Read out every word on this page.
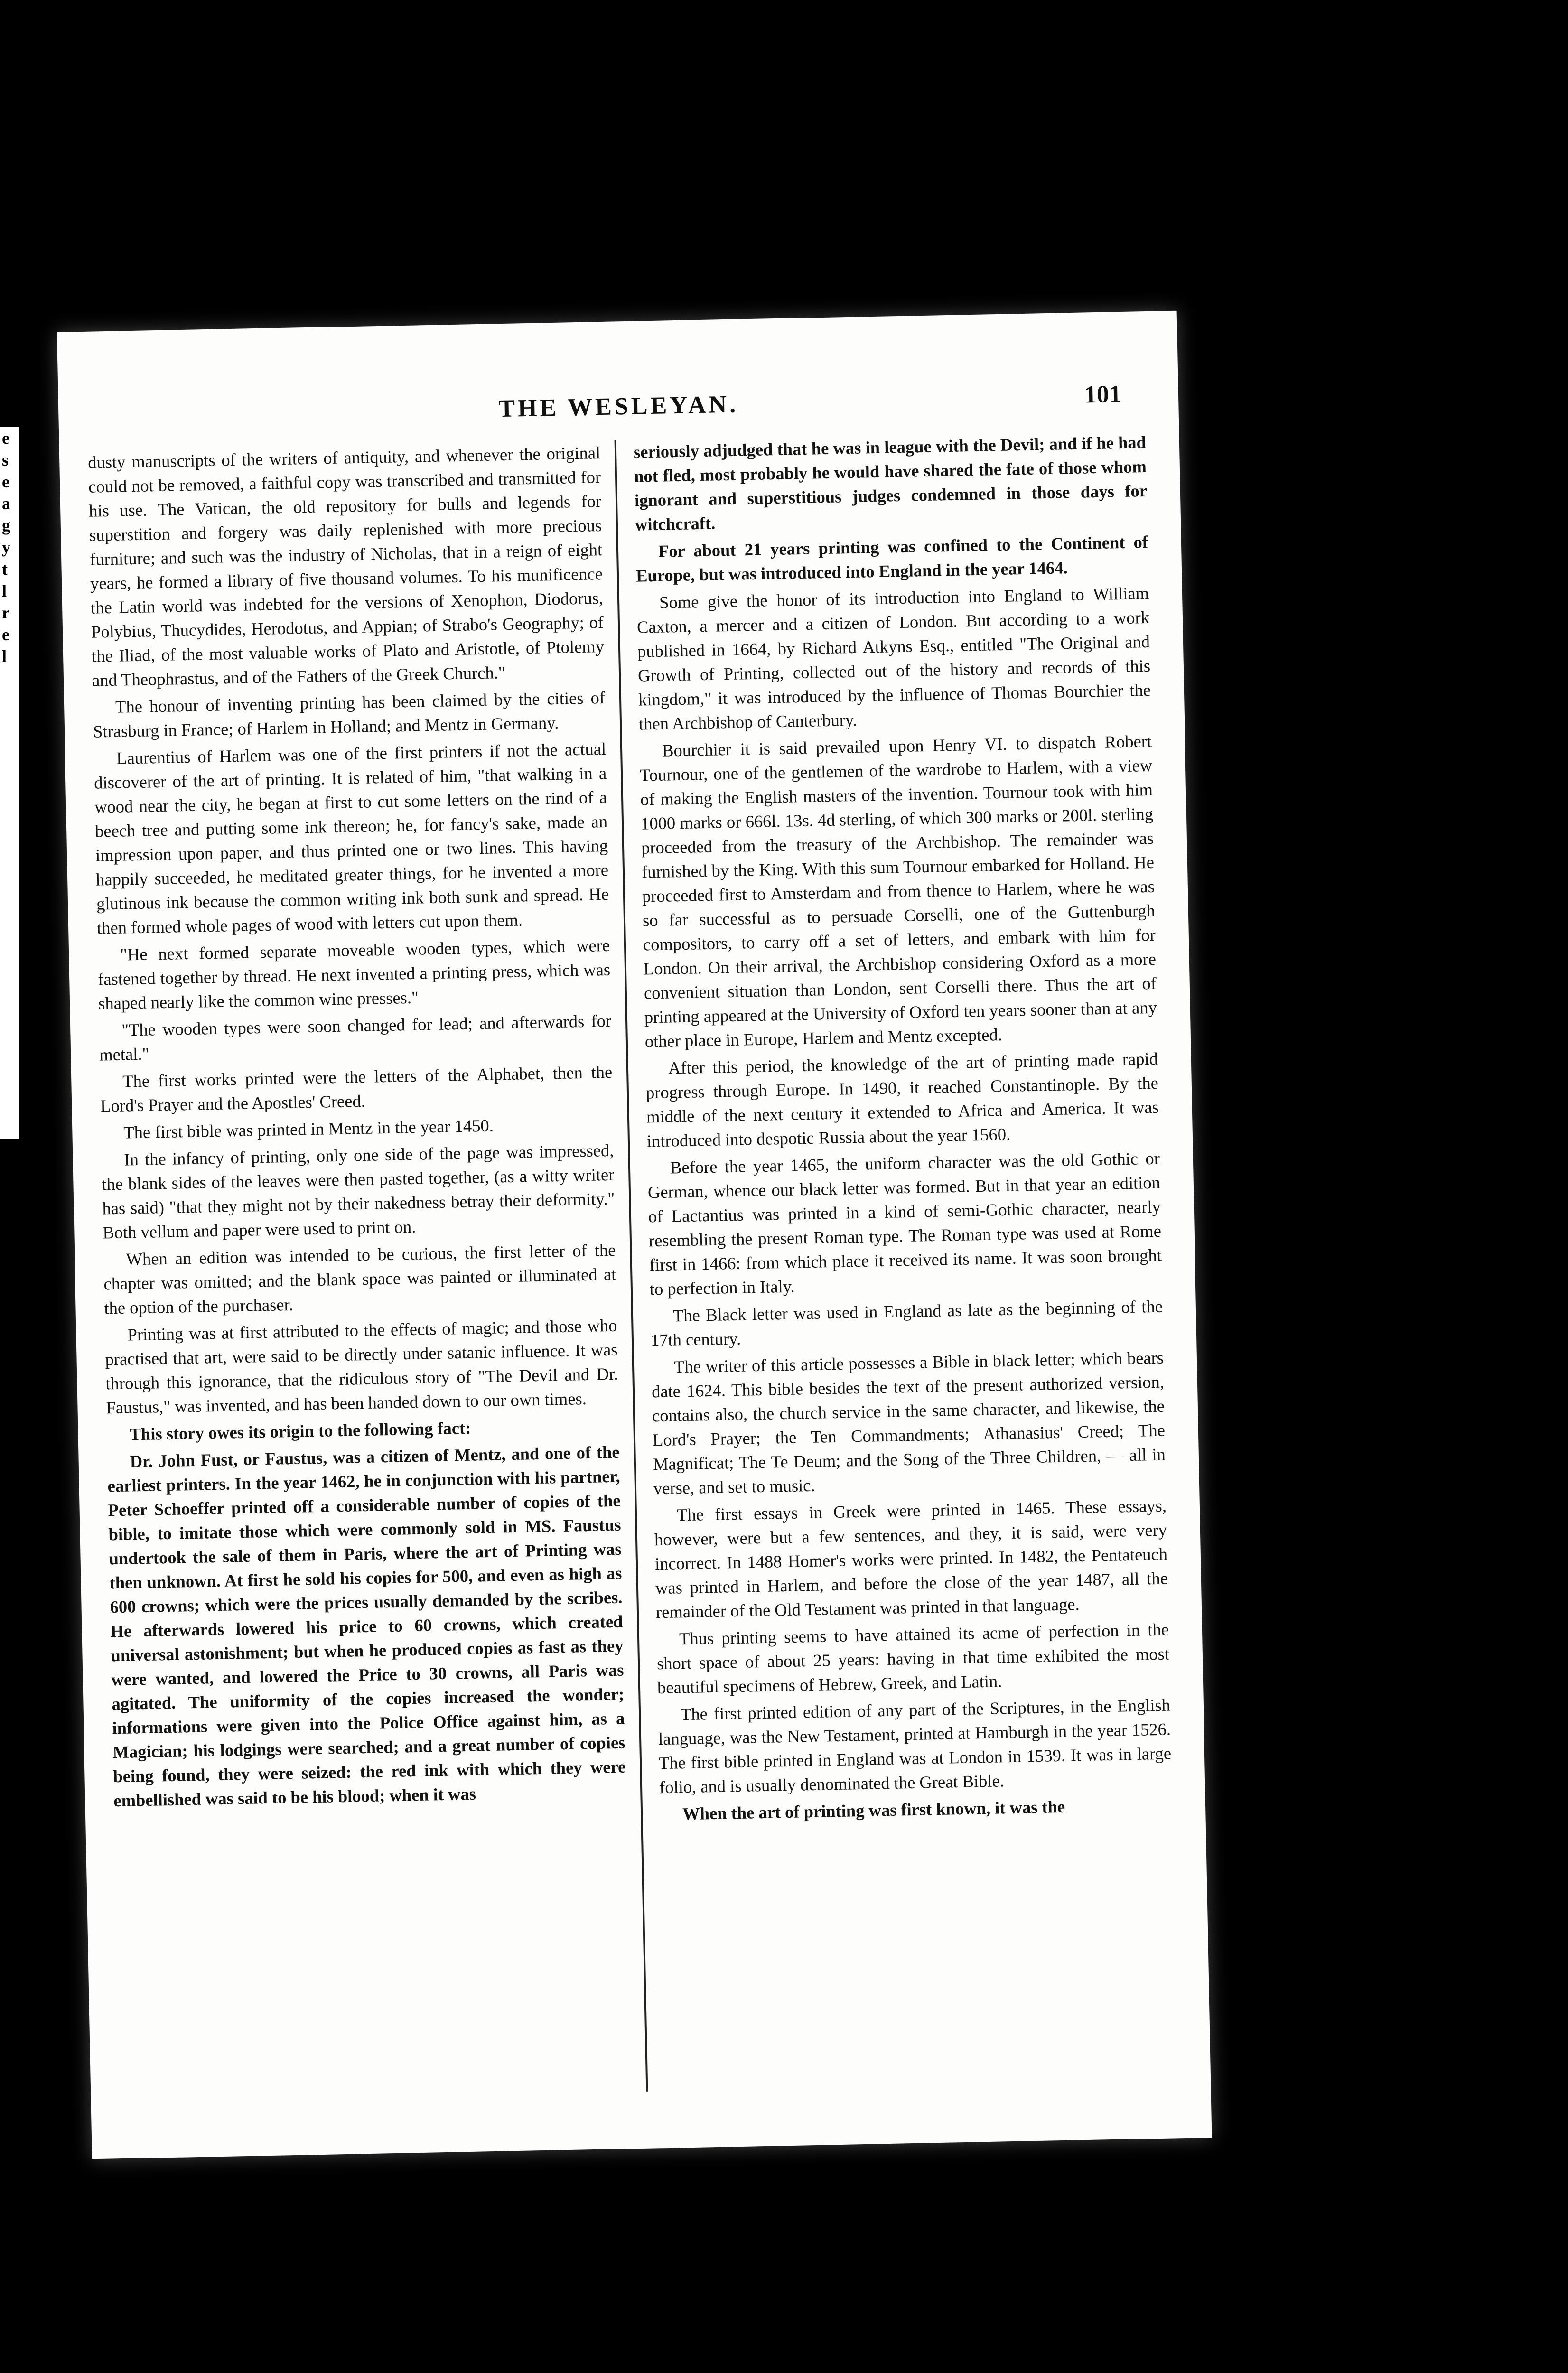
e
s
e
a
g
y
t
l
r
e
l
THE WESLEYAN.	101

dusty manuscripts of the writers of antiquity, and whenever the original could not be removed, a faithful copy was transcribed and transmitted for his use. The Vatican, the old repository for bulls and legends for superstition and forgery was daily replenished with more precious furniture; and such was the industry of Nicholas, that in a reign of eight years, he formed a library of five thousand volumes. To his munificence the Latin world was indebted for the versions of Xenophon, Diodorus, Polybius, Thucydides, Herodotus, and Appian; of Strabo's Geography; of the Iliad, of the most valuable works of Plato and Aristotle, of Ptolemy and Theophrastus, and of the Fathers of the Greek Church."

The honour of inventing printing has been claimed by the cities of Strasburg in France; of Harlem in Holland; and Mentz in Germany.

Laurentius of Harlem was one of the first printers if not the actual discoverer of the art of printing. It is related of him, "that walking in a wood near the city, he began at first to cut some letters on the rind of a beech tree and putting some ink thereon; he, for fancy's sake, made an impression upon paper, and thus printed one or two lines. This having happily succeeded, he meditated greater things, for he invented a more glutinous ink because the common writing ink both sunk and spread. He then formed whole pages of wood with letters cut upon them.

"He next formed separate moveable wooden types, which were fastened together by thread. He next invented a printing press, which was shaped nearly like the common wine presses."

"The wooden types were soon changed for lead; and afterwards for metal."

The first works printed were the letters of the Alphabet, then the Lord's Prayer and the Apostles' Creed.

The first bible was printed in Mentz in the year 1450.

In the infancy of printing, only one side of the page was impressed, the blank sides of the leaves were then pasted together, (as a witty writer has said) "that they might not by their nakedness betray their deformity." Both vellum and paper were used to print on.

When an edition was intended to be curious, the first letter of the chapter was omitted; and the blank space was painted or illuminated at the option of the purchaser.

Printing was at first attributed to the effects of magic; and those who practised that art, were said to be directly under satanic influence. It was through this ignorance, that the ridiculous story of "The Devil and Dr. Faustus," was invented, and has been handed down to our own times.

This story owes its origin to the following fact:

Dr. John Fust, or Faustus, was a citizen of Mentz, and one of the earliest printers. In the year 1462, he in conjunction with his partner, Peter Schoeffer printed off a considerable number of copies of the bible, to imitate those which were commonly sold in MS. Faustus undertook the sale of them in Paris, where the art of Printing was then unknown. At first he sold his copies for 500, and even as high as 600 crowns; which were the prices usually demanded by the scribes. He afterwards lowered his price to 60 crowns, which created universal astonishment; but when he produced copies as fast as they were wanted, and lowered the Price to 30 crowns, all Paris was agitated. The uniformity of the copies increased the wonder; informations were given into the Police Office against him, as a Magician; his lodgings were searched; and a great number of copies being found, they were seized: the red ink with which they were embellished was said to be his blood; when it was

seriously adjudged that he was in league with the Devil; and if he had not fled, most probably he would have shared the fate of those whom ignorant and superstitious judges condemned in those days for witchcraft.

For about 21 years printing was confined to the Continent of Europe, but was introduced into England in the year 1464.

Some give the honor of its introduction into England to William Caxton, a mercer and a citizen of London. But according to a work published in 1664, by Richard Atkyns Esq., entitled "The Original and Growth of Printing, collected out of the history and records of this kingdom," it was introduced by the influence of Thomas Bourchier the then Archbishop of Canterbury.

Bourchier it is said prevailed upon Henry VI. to dispatch Robert Tournour, one of the gentlemen of the wardrobe to Harlem, with a view of making the English masters of the invention. Tournour took with him 1000 marks or 666l. 13s. 4d sterling, of which 300 marks or 200l. sterling proceeded from the treasury of the Archbishop. The remainder was furnished by the King. With this sum Tournour embarked for Holland. He proceeded first to Amsterdam and from thence to Harlem, where he was so far successful as to persuade Corselli, one of the Guttenburgh compositors, to carry off a set of letters, and embark with him for London. On their arrival, the Archbishop considering Oxford as a more convenient situation than London, sent Corselli there. Thus the art of printing appeared at the University of Oxford ten years sooner than at any other place in Europe, Harlem and Mentz excepted.

After this period, the knowledge of the art of printing made rapid progress through Europe. In 1490, it reached Constantinople. By the middle of the next century it extended to Africa and America. It was introduced into despotic Russia about the year 1560.

Before the year 1465, the uniform character was the old Gothic or German, whence our black letter was formed. But in that year an edition of Lactantius was printed in a kind of semi-Gothic character, nearly resembling the present Roman type. The Roman type was used at Rome first in 1466: from which place it received its name. It was soon brought to perfection in Italy.

The Black letter was used in England as late as the beginning of the 17th century.

The writer of this article possesses a Bible in black letter; which bears date 1624. This bible besides the text of the present authorized version, contains also, the church service in the same character, and likewise, the Lord's Prayer; the Ten Commandments; Athanasius' Creed; The Magnificat; The Te Deum; and the Song of the Three Children, — all in verse, and set to music.

The first essays in Greek were printed in 1465. These essays, however, were but a few sentences, and they, it is said, were very incorrect. In 1488 Homer's works were printed. In 1482, the Pentateuch was printed in Harlem, and before the close of the year 1487, all the remainder of the Old Testament was printed in that language.

Thus printing seems to have attained its acme of perfection in the short space of about 25 years: having in that time exhibited the most beautiful specimens of Hebrew, Greek, and Latin.

The first printed edition of any part of the Scriptures, in the English language, was the New Testament, printed at Hamburgh in the year 1526. The first bible printed in England was at London in 1539. It was in large folio, and is usually denominated the Great Bible.

When the art of printing was first known, it was the
